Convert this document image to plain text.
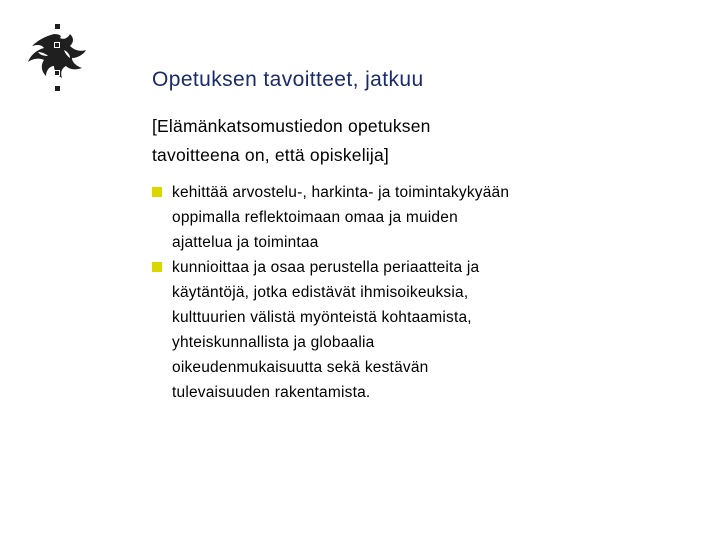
Opetuksen tavoitteet, jatkuu

[Elämänkatsomustiedon opetuksen
tavoitteena on, että opiskelija]

kehittää arvostelu-, harkinta- ja toimintakykyään
oppimalla reflektoimaan omaa ja muiden
ajattelua ja toimintaa
kunnioittaa ja osaa perustella periaatteita ja
käytäntöjä, jotka edistävät ihmisoikeuksia,
kulttuurien välistä myönteistä kohtaamista,
yhteiskunnallista ja globaalia
oikeudenmukaisuutta sekä kestävän
tulevaisuuden rakentamista.
